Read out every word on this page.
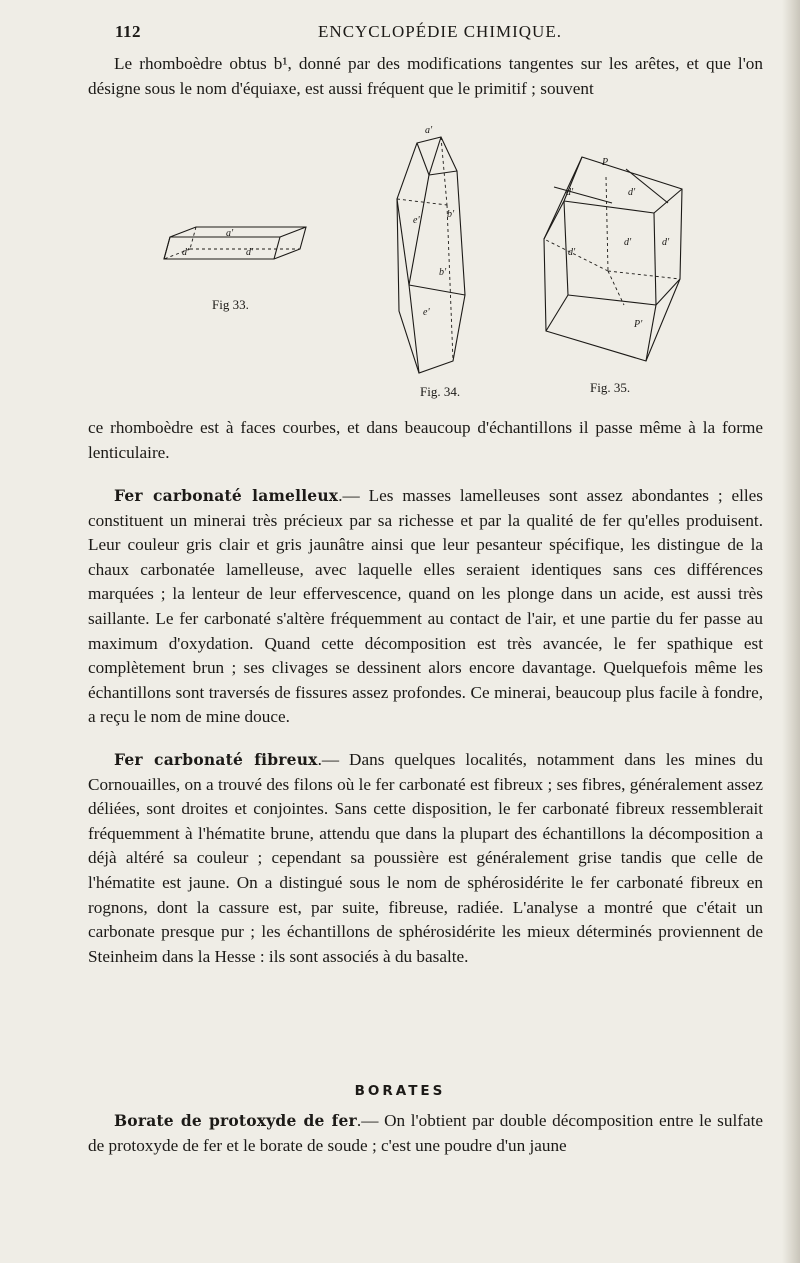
112	ENCYCLOPÉDIE CHIMIQUE.

Le rhomboèdre obtus b¹, donné par des modifications tangentes sur les arêtes, et que l'on désigne sous le nom d'équiaxe, est aussi fréquent que le primitif ; souvent

a'
d'	d'
Fig 33.
a'
e'
b'
e'
b'
Fig. 34.
P
d'	d'
d'
d'	d'
P'
Fig. 35.

ce rhomboèdre est à faces courbes, et dans beaucoup d'échantillons il passe même à la forme lenticulaire.

Fer carbonaté lamelleux.— Les masses lamelleuses sont assez abondantes ; elles constituent un minerai très précieux par sa richesse et par la qualité de fer qu'elles produisent. Leur couleur gris clair et gris jaunâtre ainsi que leur pesanteur spécifique, les distingue de la chaux carbonatée lamelleuse, avec laquelle elles seraient identiques sans ces différences marquées ; la lenteur de leur effervescence, quand on les plonge dans un acide, est aussi très saillante. Le fer carbonaté s'altère fréquemment au contact de l'air, et une partie du fer passe au maximum d'oxydation. Quand cette décomposition est très avancée, le fer spathique est complètement brun ; ses clivages se dessinent alors encore davantage. Quelquefois même les échantillons sont traversés de fissures assez profondes. Ce minerai, beaucoup plus facile à fondre, a reçu le nom de mine douce.

Fer carbonaté fibreux.— Dans quelques localités, notamment dans les mines du Cornouailles, on a trouvé des filons où le fer carbonaté est fibreux ; ses fibres, généralement assez déliées, sont droites et conjointes. Sans cette disposition, le fer carbonaté fibreux ressemblerait fréquemment à l'hématite brune, attendu que dans la plupart des échantillons la décomposition a déjà altéré sa couleur ; cependant sa poussière est généralement grise tandis que celle de l'hématite est jaune. On a distingué sous le nom de sphérosidérite le fer carbonaté fibreux en rognons, dont la cassure est, par suite, fibreuse, radiée. L'analyse a montré que c'était un carbonate presque pur ; les échantillons de sphérosidérite les mieux déterminés proviennent de Steinheim dans la Hesse : ils sont associés à du basalte.

BORATES

Borate de protoxyde de fer.— On l'obtient par double décomposition entre le sulfate de protoxyde de fer et le borate de soude ; c'est une poudre d'un jaune
